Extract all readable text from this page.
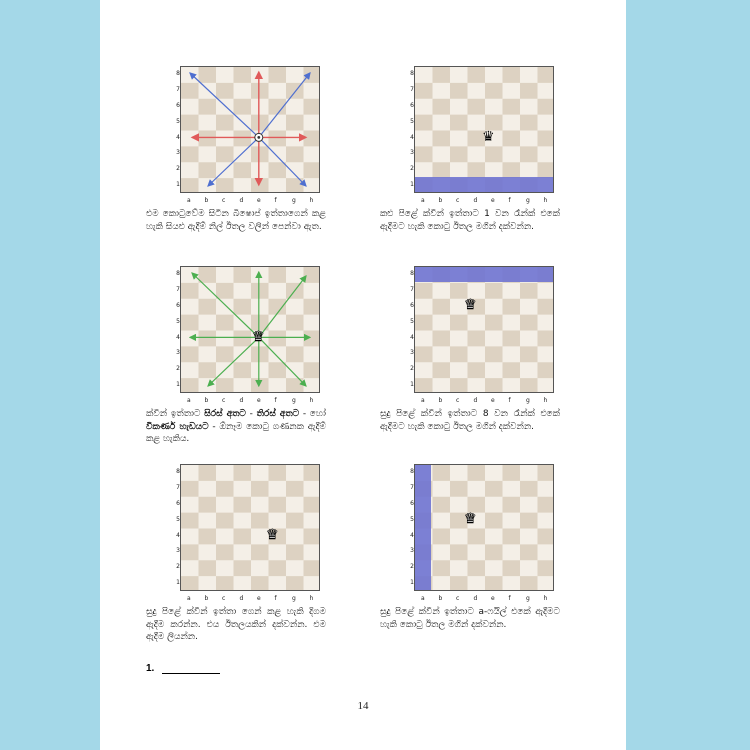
8
7
6
5
4
3
2
1
a b c d e f	g h
එම කොටුවේම සිටින බිෂොප් ඉත්තාගෙන් කළ හැකි සියළු ඇදීම් නිල් ඊතල වලින් පෙන්වා ඇත.
8
7
6
5
4
3
2
1
♛
a b c d e f	g h
කළු පිළේ ක්වීන් ඉත්තාට 1 වන රෑන්ක් එකේ ඇදීමට හැකි කොටු ඊතල මගින් දක්වන්න.
8
7
6
5
4
3
2
1
♛
a b c d e f	g h
ක්වීන් ඉත්තාට සිරස් අතට - තිරස් අතට - හෝ විකර්ණ හැඩයට - ඕනෑම කොටු ගණනක ඇදීම් කළ හැකිය.
8
7
6
5
4
3
2
1
♛
a b c d e f	g h
සුදු පිළේ ක්වීන් ඉත්තාට 8 වන රෑන්ක් එකේ ඇදීමට හැකි කොටු ඊතල මගින් දක්වන්න.
8
7
6
5
4
3
2
1
♛
a b c d e f	g h
සුදු පිළේ ක්වීන් ඉත්තා ගෙන් කළ හැකි දිගම ඇදීම කරන්න. එය ඊතලයකින් දක්වන්න. එම ඇදීම ලියන්න.
8
7
6
5
4
3
2
1
♛
a b c d e f	g h
සුදු පිළේ ක්වීන් ඉත්තාට a-ෆයිල් එකේ ඇදීමට හැකි කොටු ඊතල මගින් දක්වන්න.
1.
14
